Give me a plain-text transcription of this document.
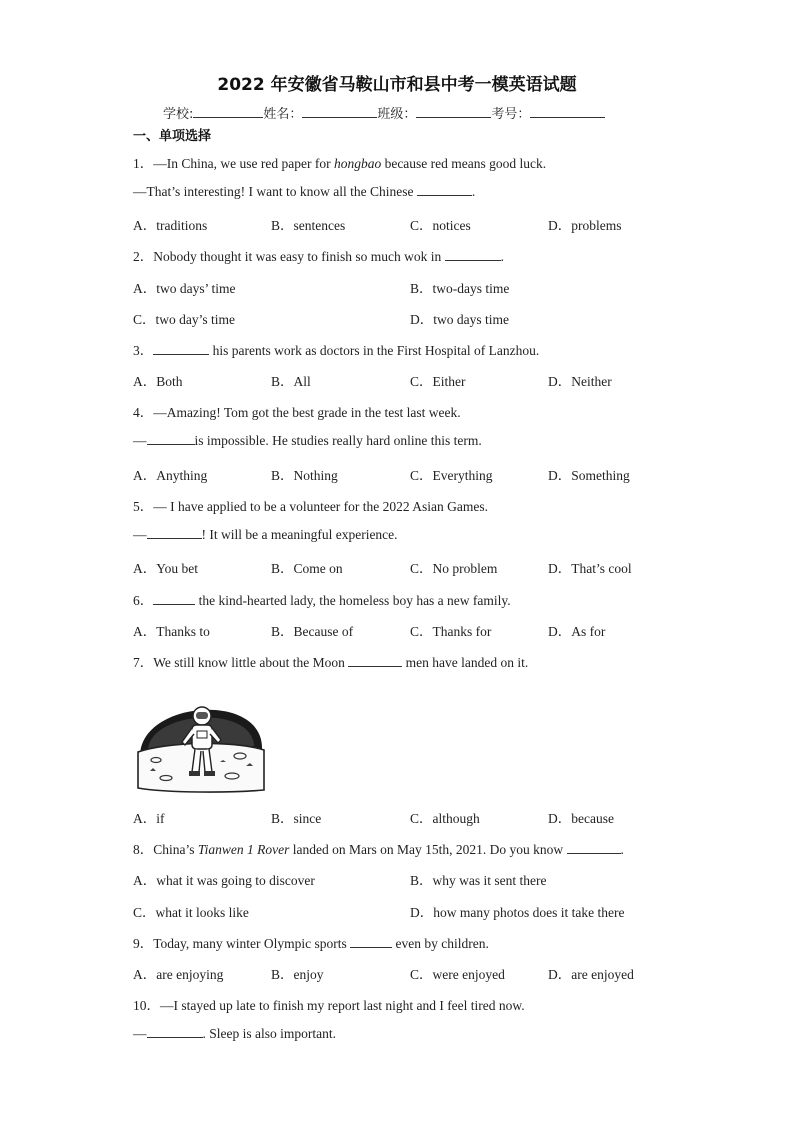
2022 年安徽省马鞍山市和县中考一模英语试题
学校:	姓名：	班级：	考号：
一、单项选择
1．—In China, we use red paper for hongbao because red means good luck.
—That’s interesting! I want to know all the Chinese	.
A．traditions	B．sentences	C．notices	D．problems
2．Nobody thought it was easy to finish so much wok in	.
A．two days’ time	B．two-days time
C．two day’s time	D．two days time
3．	his parents work as doctors in the First Hospital of Lanzhou.
A．Both	B．All	C．Either	D．Neither
4．—Amazing! Tom got the best grade in the test last week.
—	is impossible. He studies really hard online this term.
A．Anything	B．Nothing	C．Everything	D．Something
5．— I have applied to be a volunteer for the 2022 Asian Games.
—	! It will be a meaningful experience.
A．You bet	B．Come on	C．No problem	D．That’s cool
6．	the kind-hearted lady, the homeless boy has a new family.
A．Thanks to	B．Because of	C．Thanks for	D．As for
7．We still know little about the Moon	men have landed on it.
A．if	B．since	C．although	D．because
8．China’s Tianwen 1 Rover landed on Mars on May 15th, 2021. Do you know	.
A．what it was going to discover	B．why was it sent there
C．what it looks like	D．how many photos does it take there
9．Today, many winter Olympic sports	even by children.
A．are enjoying	B．enjoy	C．were enjoyed	D．are enjoyed
10．—I stayed up late to finish my report last night and I feel tired now.
—	. Sleep is also important.
